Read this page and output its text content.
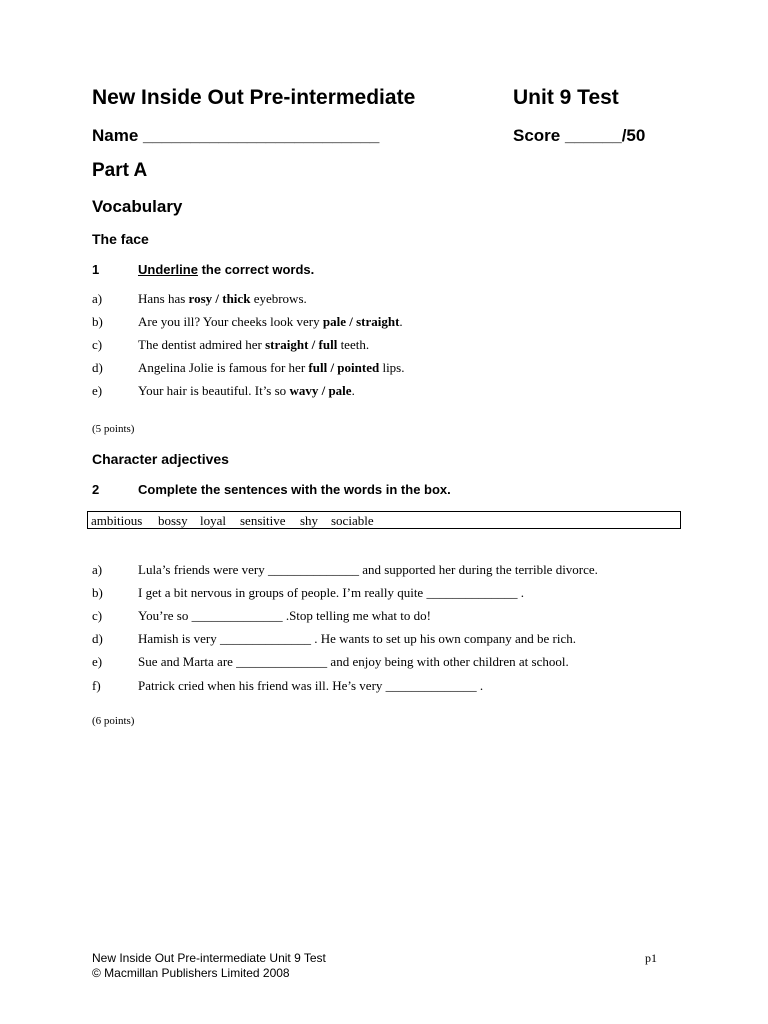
New Inside Out Pre-intermediate	Unit 9 Test
Name _________________________	Score ______/50
Part A
Vocabulary
The face
1	Underline the correct words.
a)	Hans has rosy / thick eyebrows.
b)	Are you ill? Your cheeks look very pale / straight.
c)	The dentist admired her straight / full teeth.
d)	Angelina Jolie is famous for her full / pointed lips.
e)	Your hair is beautiful. It’s so wavy / pale.
(5 points)
Character adjectives
2	Complete the sentences with the words in the box.
ambitious bossy loyal sensitive shy sociable
a)	Lula’s friends were very ______________ and supported her during the terrible divorce.
b)	I get a bit nervous in groups of people. I’m really quite ______________ .
c)	You’re so ______________ .Stop telling me what to do!
d)	Hamish is very ______________ . He wants to set up his own company and be rich.
e)	Sue and Marta are ______________ and enjoy being with other children at school.
f)	Patrick cried when his friend was ill. He’s very ______________ .
(6 points)
New Inside Out Pre-intermediate Unit 9 Test
© Macmillan Publishers Limited 2008
p1
